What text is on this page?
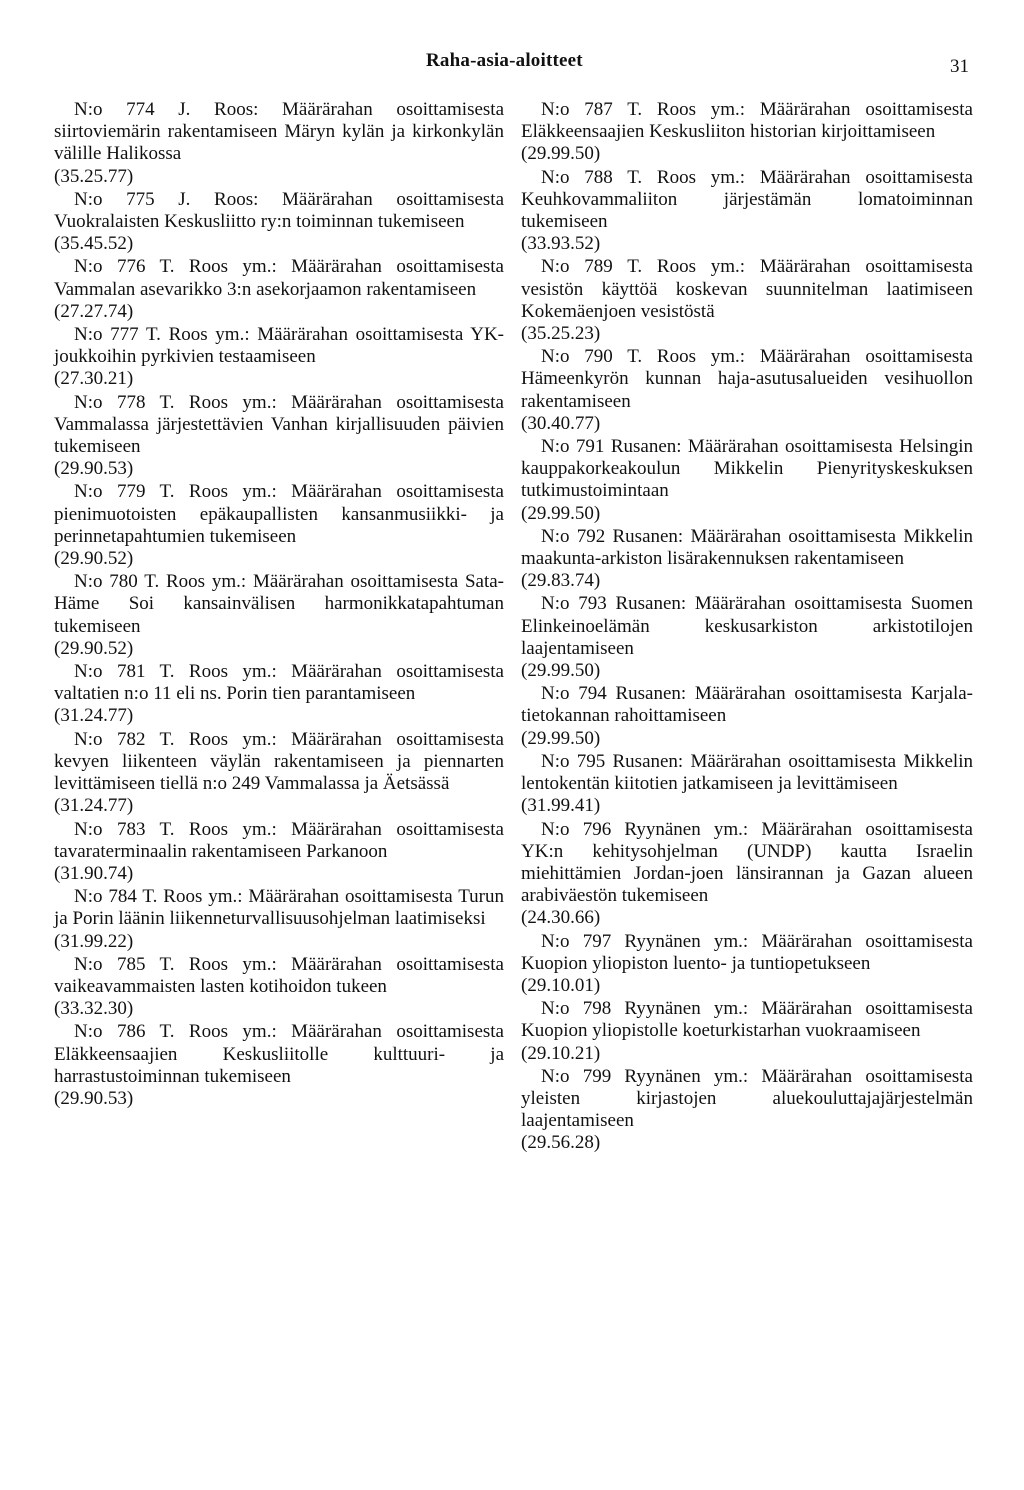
Raha-asia-aloitteet	31

N:o 774 J. Roos: Määrärahan osoittamisesta siirtoviemärin rakentamiseen Märyn kylän ja kirkonkylän välille Halikossa

(35.25.77)

N:o 775 J. Roos: Määrärahan osoittamisesta Vuokralaisten Keskusliitto ry:n toiminnan tukemiseen

(35.45.52)

N:o 776 T. Roos ym.: Määrärahan osoittamisesta Vammalan asevarikko 3:n asekorjaamon rakentamiseen

(27.27.74)

N:o 777 T. Roos ym.: Määrärahan osoittamisesta YK-joukkoihin pyrkivien testaamiseen

(27.30.21)

N:o 778 T. Roos ym.: Määrärahan osoittamisesta Vammalassa järjestettävien Vanhan kirjallisuuden päivien tukemiseen

(29.90.53)

N:o 779 T. Roos ym.: Määrärahan osoittamisesta pienimuotoisten epäkaupallisten kansanmusiikki- ja perinnetapahtumien tukemiseen

(29.90.52)

N:o 780 T. Roos ym.: Määrärahan osoittamisesta Sata-Häme Soi kansainvälisen harmonikkatapahtuman tukemiseen

(29.90.52)

N:o 781 T. Roos ym.: Määrärahan osoittamisesta valtatien n:o 11 eli ns. Porin tien parantamiseen

(31.24.77)

N:o 782 T. Roos ym.: Määrärahan osoittamisesta kevyen liikenteen väylän rakentamiseen ja piennarten levittämiseen tiellä n:o 249 Vammalassa ja Äetsässä

(31.24.77)

N:o 783 T. Roos ym.: Määrärahan osoittamisesta tavaraterminaalin rakentamiseen Parkanoon

(31.90.74)

N:o 784 T. Roos ym.: Määrärahan osoittamisesta Turun ja Porin läänin liikenneturvallisuusohjelman laatimiseksi

(31.99.22)

N:o 785 T. Roos ym.: Määrärahan osoittamisesta vaikeavammaisten lasten kotihoidon tukeen

(33.32.30)

N:o 786 T. Roos ym.: Määrärahan osoittamisesta Eläkkeensaajien Keskusliitolle kulttuuri- ja harrastustoiminnan tukemiseen

(29.90.53)

N:o 787 T. Roos ym.: Määrärahan osoittamisesta Eläkkeensaajien Keskusliiton historian kirjoittamiseen

(29.99.50)

N:o 788 T. Roos ym.: Määrärahan osoittamisesta Keuhkovammaliiton järjestämän lomatoiminnan tukemiseen

(33.93.52)

N:o 789 T. Roos ym.: Määrärahan osoittamisesta vesistön käyttöä koskevan suunnitelman laatimiseen Kokemäenjoen vesistöstä

(35.25.23)

N:o 790 T. Roos ym.: Määrärahan osoittamisesta Hämeenkyrön kunnan haja-asutusalueiden vesihuollon rakentamiseen

(30.40.77)

N:o 791 Rusanen: Määrärahan osoittamisesta Helsingin kauppakorkeakoulun Mikkelin Pienyrityskeskuksen tutkimustoimintaan

(29.99.50)

N:o 792 Rusanen: Määrärahan osoittamisesta Mikkelin maakunta-arkiston lisärakennuksen rakentamiseen

(29.83.74)

N:o 793 Rusanen: Määrärahan osoittamisesta Suomen Elinkeinoelämän keskusarkiston arkistotilojen laajentamiseen

(29.99.50)

N:o 794 Rusanen: Määrärahan osoittamisesta Karjala-tietokannan rahoittamiseen

(29.99.50)

N:o 795 Rusanen: Määrärahan osoittamisesta Mikkelin lentokentän kiitotien jatkamiseen ja levittämiseen

(31.99.41)

N:o 796 Ryynänen ym.: Määrärahan osoittamisesta YK:n kehitysohjelman (UNDP) kautta Israelin miehittämien Jordan-joen länsirannan ja Gazan alueen arabiväestön tukemiseen

(24.30.66)

N:o 797 Ryynänen ym.: Määrärahan osoittamisesta Kuopion yliopiston luento- ja tuntiopetukseen

(29.10.01)

N:o 798 Ryynänen ym.: Määrärahan osoittamisesta Kuopion yliopistolle koeturkistarhan vuokraamiseen

(29.10.21)

N:o 799 Ryynänen ym.: Määrärahan osoittamisesta yleisten kirjastojen aluekouluttajajärjestelmän laajentamiseen

(29.56.28)
